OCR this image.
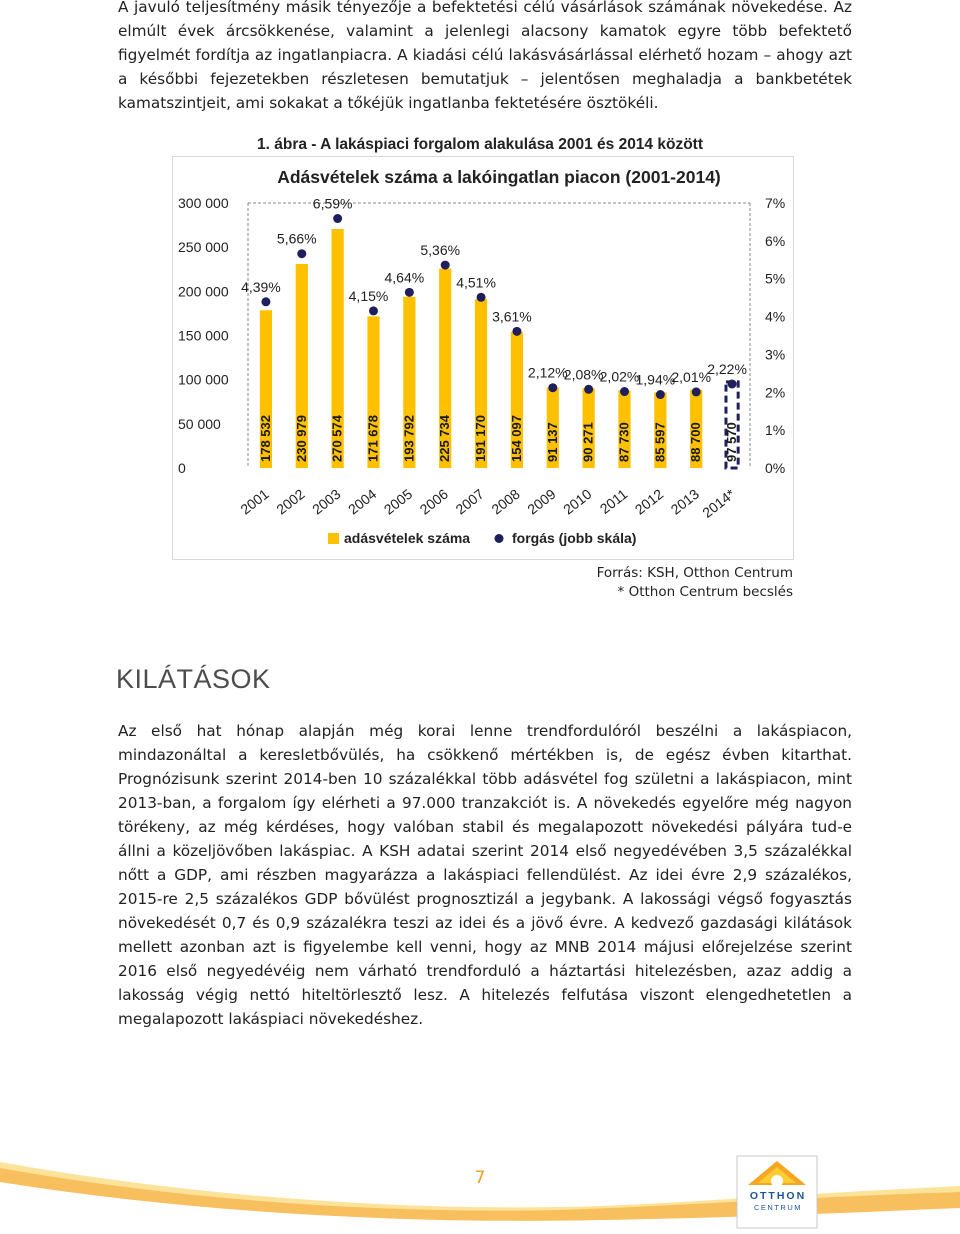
A javuló teljesítmény másik tényezője a befektetési célú vásárlások számának növekedése. Az elmúlt évek árcsökkenése, valamint a jelenlegi alacsony kamatok egyre több befektető figyelmét fordítja az ingatlanpiacra. A kiadási célú lakásvásárlással elérhető hozam – ahogy azt a későbbi fejezetekben részletesen bemutatjuk – jelentősen meghaladja a bankbetétek kamatszintjeit, ami sokakat a tőkéjük ingatlanba fektetésére ösztökéli.

1. ábra - A lakáspiaci forgalom alakulása 2001 és 2014 között
Adásvételek száma a lakóingatlan piacon (2001-2014)
0
50 000
100 000
150 000
200 000
250 000
300 000
0%
1%
2%
3%
4%
5%
6%
7%
178 532
4,39%
2001
230 979
5,66%
2002
270 574
6,59%
2003
171 678
4,15%
2004
193 792
4,64%
2005
225 734
5,36%
2006
191 170
4,51%
2007
154 097
3,61%
2008
91 137
2,12%
2009
90 271
2,08%
2010
87 730
2,02%
2011
85 597
1,94%
2012
88 700
2,01%
2013
97 570
2,22%
2014*
adásvételek száma	forgás (jobb skála)
Forrás: KSH, Otthon Centrum
* Otthon Centrum becslés
KILÁTÁSOK

Az első hat hónap alapján még korai lenne trendfordulóról beszélni a lakáspiacon, mindazonáltal a keresletbővülés, ha csökkenő mértékben is, de egész évben kitarthat. Prognózisunk szerint 2014-ben 10 százalékkal több adásvétel fog születni a lakáspiacon, mint 2013-ban, a forgalom így elérheti a 97.000 tranzakciót is. A növekedés egyelőre még nagyon törékeny, az még kérdéses, hogy valóban stabil és megalapozott növekedési pályára tud-e állni a közeljövőben lakáspiac. A KSH adatai szerint 2014 első negyedévében 3,5 százalékkal nőtt a GDP, ami részben magyarázza a lakáspiaci fellendülést. Az idei évre 2,9 százalékos, 2015-re 2,5 százalékos GDP bővülést prognosztizál a jegybank. A lakossági végső fogyasztás növekedését 0,7 és 0,9 százalékra teszi az idei és a jövő évre. A kedvező gazdasági kilátások mellett azonban azt is figyelembe kell venni, hogy az MNB 2014 májusi előrejelzése szerint 2016 első negyedévéig nem várható trendforduló a háztartási hitelezésben, azaz addig a lakosság végig nettó hiteltörlesztő lesz. A hitelezés felfutása viszont elengedhetetlen a megalapozott lakáspiaci növekedéshez.

7
OTTHON
CENTRUM
